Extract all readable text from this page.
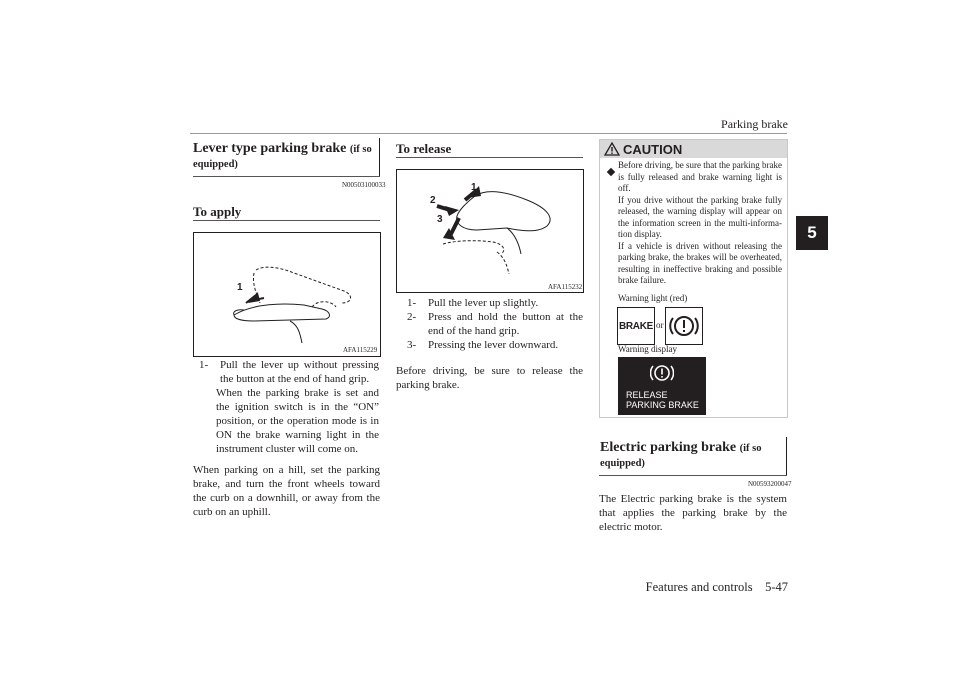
Parking brake
5
Lever type parking brake (if so
equipped)
N00503100033
To apply
1
AFA115229
1-	Pull the lever up without pressing the button at the end of hand grip.
When the parking brake is set and the ignition switch is in the “ON” position, or the operation mode is in ON the brake warning light in the instrument cluster will come on.
When parking on a hill, set the parking brake, and turn the front wheels toward the curb on a downhill, or away from the curb on an uphill.
To release
1
2
3
AFA115232
1-	Pull the lever up slightly.
2-	Press and hold the button at the end of the hand grip.
3-	Pressing the lever downward.
Before driving, be sure to release the parking brake.
CAUTION
Before driving, be sure that the parking brake is fully released and brake warning light is off.
If you drive without the parking brake fully released, the warning display will appear on the information screen in the multi-informa-tion display.
If a vehicle is driven without releasing the parking brake, the brakes will be overheated, resulting in ineffective braking and possible brake failure.
Warning light (red)
BRAKE or
Warning display
RELEASE
PARKING BRAKE
Electric parking brake (if so
equipped)
N00593200047
The Electric parking brake is the system that applies the parking brake by the electric motor.
Features and controls    5-47
